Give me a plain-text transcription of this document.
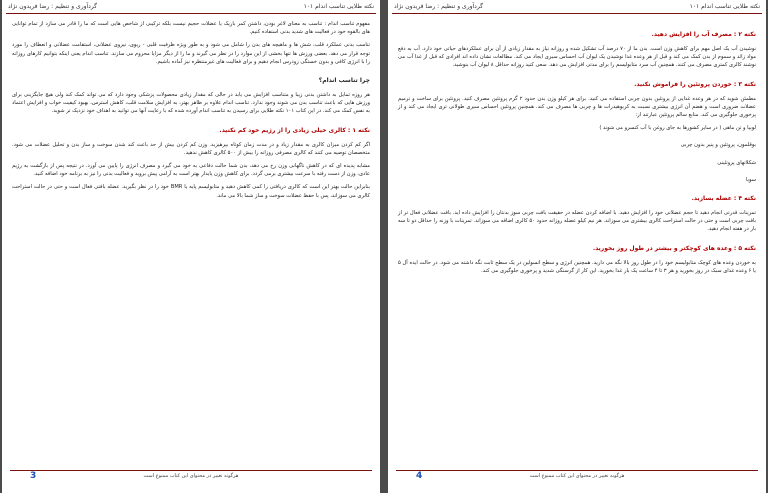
۱۰۱ نکته طلایی تناسب اندام
گردآوری و تنظیم : رضا فریدون نژاد

مفهوم تناسب اندام : تناسب به معنای لاغر بودن، داشتن کمر باریک یا عضلات حجیم نیست بلکه ترکیبی از شاخص هایی است که ما را قادر می سازد از تمام توانایی های بالقوه خود در فعالیت های شدید بدنی استفاده کنیم.

تناسب بدنی عملکرد قلب، شش ها و ماهیچه های بدن را شامل می شود و به طور ویژه ظرفیت قلبی - ریوی، نیروی عضلانی، استقامت عضلانی و انعطاف را مورد توجه قرار می دهد. بعضی ورزش ها تنها بخشی از این موارد را در نظر می گیرند و ما را از دیگر مزایا محروم می سازند. تناسب اندام یعنی اینکه بتوانیم کارهای روزانه را با انرژی کافی و بدون خستگی زودرس انجام دهیم و برای فعالیت های غیرمنتظره نیز آماده باشیم.

چرا تناسب اندام؟

هر روزه تمایل به داشتن بدنی زیبا و متناسب افزایش می یابد در حالی که مقدار زیادی محصولات پزشکی وجود دارد که می تواند کمک کند ولی هیچ جایگزینی برای ورزش هایی که باعث تناسب بدن می شوند وجود ندارد. تناسب اندام علاوه بر ظاهر بهتر، به افزایش سلامت قلب، کاهش استرس، بهبود کیفیت خواب و افزایش اعتماد به نفس کمک می کند. در این کتاب ۱۰۱ نکته طلایی برای رسیدن به تناسب اندام آورده شده که با رعایت آنها می توانید به اهداف خود نزدیک تر شوید.

نکته ۱ : کالری خیلی زیادی را از رژیم خود کم نکنید.

اگر کم کردن میزان کالری به مقدار زیاد و در مدت زمان کوتاه بپرهیزید. وزن کم کردن بیش از حد باعث کند شدن سوخت و ساز بدن و تحلیل عضلات می شود. متخصصان توصیه می کنند که کالری مصرفی روزانه را بیش از ۵۰۰ کالری کاهش ندهید.

مشابه پدیده ای که در کاهش ناگهانی وزن رخ می دهد، بدن شما حالت دفاعی به خود می گیرد و مصرف انرژی را پایین می آورد. در نتیجه پس از بازگشت به رژیم عادی، وزن از دست رفته با سرعت بیشتری برمی گردد. برای کاهش وزن پایدار بهتر است به آرامی پیش بروید و فعالیت بدنی را نیز به برنامه خود اضافه کنید.

بنابراین حالت بهتر این است که کالری دریافتی را کمی کاهش دهید و متابولیسم پایه یا BMR خود را در نظر بگیرید. عضله بافتی فعال است و حتی در حالت استراحت کالری می سوزاند، پس با حفظ عضلات سوخت و ساز شما بالا می ماند.

3	هرگونه تغییر در محتوای این کتاب ممنوع است
۱۰۱ نکته طلایی تناسب اندام
گردآوری و تنظیم : رضا فریدون نژاد
نکته ۲ : مصرف آب را افزایش دهید.

نوشیدن آب یک اصل مهم برای کاهش وزن است. بدن ما از ۷۰ درصد آب تشکیل شده و روزانه نیاز به مقدار زیادی از آن برای عملکردهای حیاتی خود دارد. آب به دفع مواد زائد و سموم از بدن کمک می کند و قبل از هر وعده غذا نوشیدن یک لیوان آب احساس سیری ایجاد می کند. مطالعات نشان داده اند افرادی که قبل از غذا آب می نوشند کالری کمتری مصرف می کنند. همچنین آب سرد متابولیسم را برای مدتی افزایش می دهد. سعی کنید روزانه حداقل ۸ لیوان آب بنوشید.

نکته ۳ : خوردن پروتئین را فراموش نکنید.

مطمئن شوید که در هر وعده غذایی از پروتئین بدون چربی استفاده می کنید. برای هر کیلو وزن بدن حدود ۲ گرم پروتئین مصرف کنید. پروتئین برای ساخت و ترمیم عضلات ضروری است و هضم آن انرژی بیشتری نسبت به کربوهیدرات ها و چربی ها مصرف می کند. همچنین پروتئین احساس سیری طولانی تری ایجاد می کند و از پرخوری جلوگیری می کند. منابع سالم پروتئین عبارتند از:

لوبیا و تن ماهی ( در سایر کشورها به جای روغن با آب کنسرو می شوند )

بوقلمون، پروتئین و پنیر بدون چربی

شکلاتهای پروتئینی

سویا

نکته ۴ : عضله بسازید.

تمرینات قدرتی انجام دهید تا حجم عضلانی خود را افزایش دهید. با اضافه کردن عضله در حقیقت بافت چربی سوز بدنتان را افزایش داده اید. بافت عضلانی فعال تر از بافت چربی است و حتی در حالت استراحت کالری بیشتری می سوزاند. هر نیم کیلو عضله روزانه حدود ۵۰ کالری اضافه می سوزاند. تمرینات با وزنه را حداقل دو تا سه بار در هفته انجام دهید.

نکته ۵ : وعده های کوچکتر و بیشتر در طول روز بخورید.

به خوردن وعده های کوچک متابولیسم خود را در طول روز بالا نگه می دارید. همچنین انرژی و سطح انسولین در یک سطح ثابت نگه داشته می شود. در حالت ایده آل ۵ یا ۶ وعده غذای سبک در روز بخورید و هر ۳ تا ۴ ساعت یک بار غذا بخورید. این کار از گرسنگی شدید و پرخوری جلوگیری می کند.

4	هرگونه تغییر در محتوای این کتاب ممنوع است
